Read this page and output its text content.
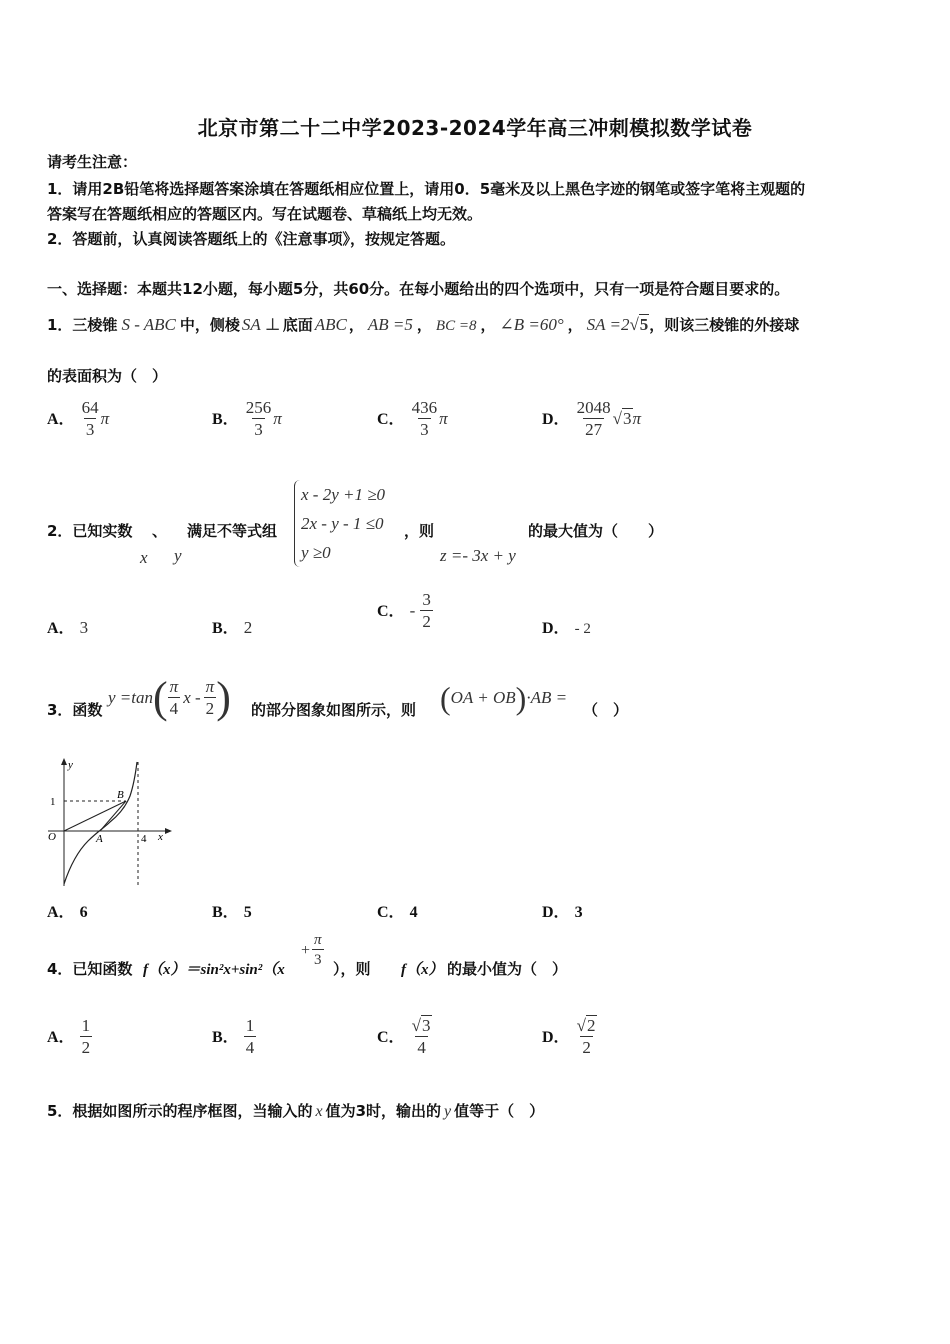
北京市第二十二中学2023-2024学年高三冲刺模拟数学试卷
请考生注意：
1．请用2B铅笔将选择题答案涂填在答题纸相应位置上，请用0．5毫米及以上黑色字迹的钢笔或签字笔将主观题的
答案写在答题纸相应的答题区内。写在试题卷、草稿纸上均无效。
2．答题前，认真阅读答题纸上的《注意事项》，按规定答题。
一、选择题：本题共12小题，每小题5分，共60分。在每小题给出的四个选项中，只有一项是符合题目要求的。
1．三棱锥 S - ABC 中，侧棱 SA ⊥ 底面 ABC ， AB =5 ， BC =8 ， ∠B =60° ， SA =2√5，则该三棱锥的外接球
的表面积为（　）
A． $\frac{64}{3}$ π	B． $\frac{256}{3}$ π	C． $\frac{436}{3}$ π	D． $\frac{2048}{27} √3\pi$
2．已知实数 、 满足不等式组
x y
x - 2y +1 ≥0
2x - y - 1 ≤0
y ≥0
，则
z =- 3x + y
的最大值为（　　）
A． 3	B． 2
C． - $\frac{3}{2}$	D． - 2
3．函数
y =tan ( $\frac{\pi}{4}$ x - $\frac{\pi}{2}$ ) 的部分图象如图所示，则 ( OA + OB ) ·AB =
（　）
y
x
1
O	A
B
4
A． 6	B． 5	C． 4	D． 3
4．已知函数 f（x）＝sin²x+sin²（x
+ $\frac{\pi}{3}$ ），则 f（x） 的最小值为（　）
A． $\frac{1}{2}$	B． $\frac{1}{4}$	C． $\frac{√3}{4}$	D． $\frac{√2}{2}$
5．根据如图所示的程序框图，当输入的 x 值为3时，输出的 y 值等于（　）
